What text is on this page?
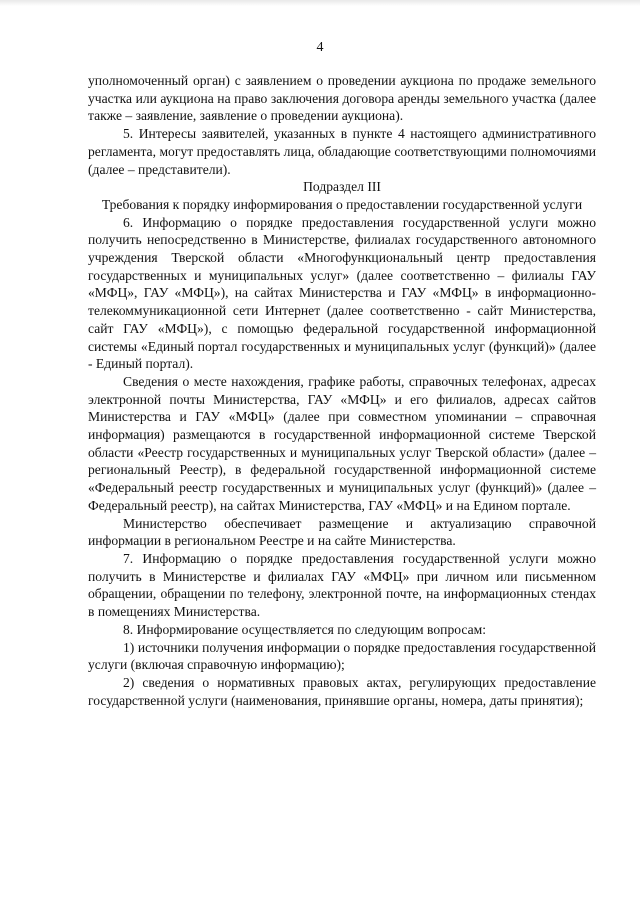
4

уполномоченный орган) с заявлением о проведении аукциона по продаже земельного участка или аукциона на право заключения договора аренды земельного участка (далее также – заявление, заявление о проведении аукциона).

5. Интересы заявителей, указанных в пункте 4 настоящего административного регламента, могут предоставлять лица, обладающие соответствующими полномочиями (далее – представители).

Подраздел III

Требования к порядку информирования о предоставлении государственной услуги

6. Информацию о порядке предоставления государственной услуги можно получить непосредственно в Министерстве, филиалах государственного автономного учреждения Тверской области «Многофункциональный центр предоставления государственных и муниципальных услуг» (далее соответственно – филиалы ГАУ «МФЦ», ГАУ «МФЦ»), на сайтах Министерства и ГАУ «МФЦ» в информационно-телекоммуникационной сети Интернет (далее соответственно - сайт Министерства, сайт ГАУ «МФЦ»), с помощью федеральной государственной информационной системы «Единый портал государственных и муниципальных услуг (функций)» (далее - Единый портал).

Сведения о месте нахождения, графике работы, справочных телефонах, адресах электронной почты Министерства, ГАУ «МФЦ» и его филиалов, адресах сайтов Министерства и ГАУ «МФЦ» (далее при совместном упоминании – справочная информация) размещаются в государственной информационной системе Тверской области «Реестр государственных и муниципальных услуг Тверской области» (далее – региональный Реестр), в федеральной государственной информационной системе «Федеральный реестр государственных и муниципальных услуг (функций)» (далее – Федеральный реестр), на сайтах Министерства, ГАУ «МФЦ» и на Едином портале.

Министерство обеспечивает размещение и актуализацию справочной информации в региональном Реестре и на сайте Министерства.

7. Информацию о порядке предоставления государственной услуги можно получить в Министерстве и филиалах ГАУ «МФЦ» при личном или письменном обращении, обращении по телефону, электронной почте, на информационных стендах в помещениях Министерства.

8. Информирование осуществляется по следующим вопросам:

1) источники получения информации о порядке предоставления государственной услуги (включая справочную информацию);

2) сведения о нормативных правовых актах, регулирующих предоставление государственной услуги (наименования, принявшие органы, номера, даты принятия);
